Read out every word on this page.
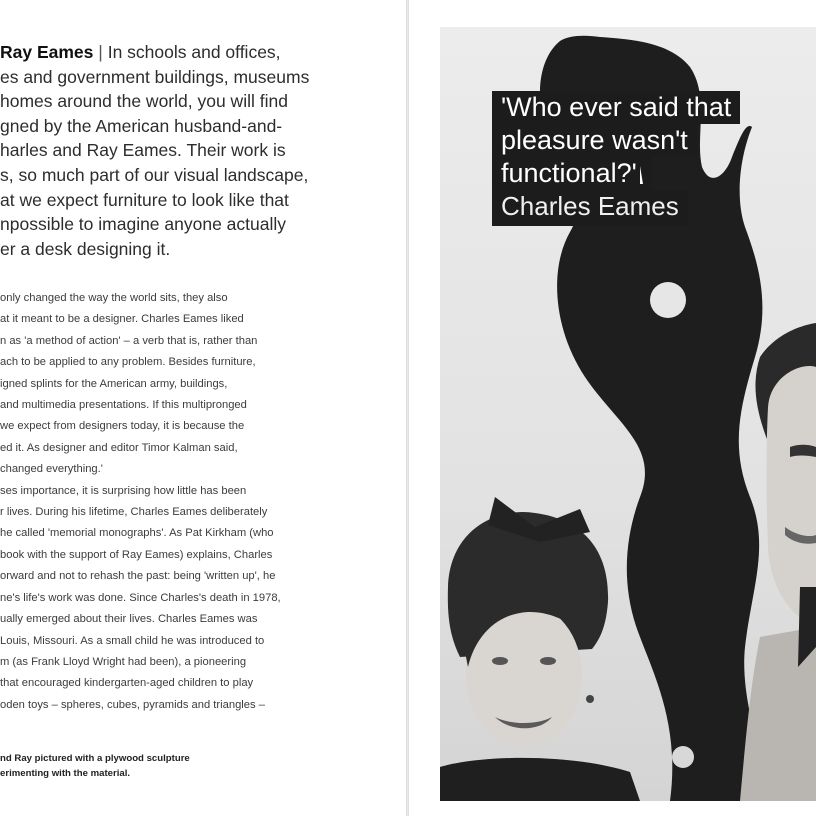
Ray Eames | In schools and offices,
es and government buildings, museums
homes around the world, you will find
gned by the American husband-and-
harles and Ray Eames. Their work is
s, so much part of our visual landscape,
at we expect furniture to look like that
npossible to imagine anyone actually
er a desk designing it.

only changed the way the world sits, they also
at it meant to be a designer. Charles Eames liked
n as 'a method of action' – a verb that is, rather than
ach to be applied to any problem. Besides furniture,
igned splints for the American army, buildings,
and multimedia presentations. If this multipronged
we expect from designers today, it is because the
ed it. As designer and editor Timor Kalman said,
changed everything.'
ses importance, it is surprising how little has been
r lives. During his lifetime, Charles Eames deliberately
he called 'memorial monographs'. As Pat Kirkham (who
book with the support of Ray Eames) explains, Charles
orward and not to rehash the past: being 'written up', he
ne's life's work was done. Since Charles's death in 1978,
ually emerged about their lives. Charles Eames was
Louis, Missouri. As a small child he was introduced to
m (as Frank Lloyd Wright had been), a pioneering
that encouraged kindergarten-aged children to play
oden toys – spheres, cubes, pyramids and triangles –

nd Ray pictured with a plywood sculpture
erimenting with the material.

'Who ever said that
pleasure wasn't
functional?'
Charles Eames
